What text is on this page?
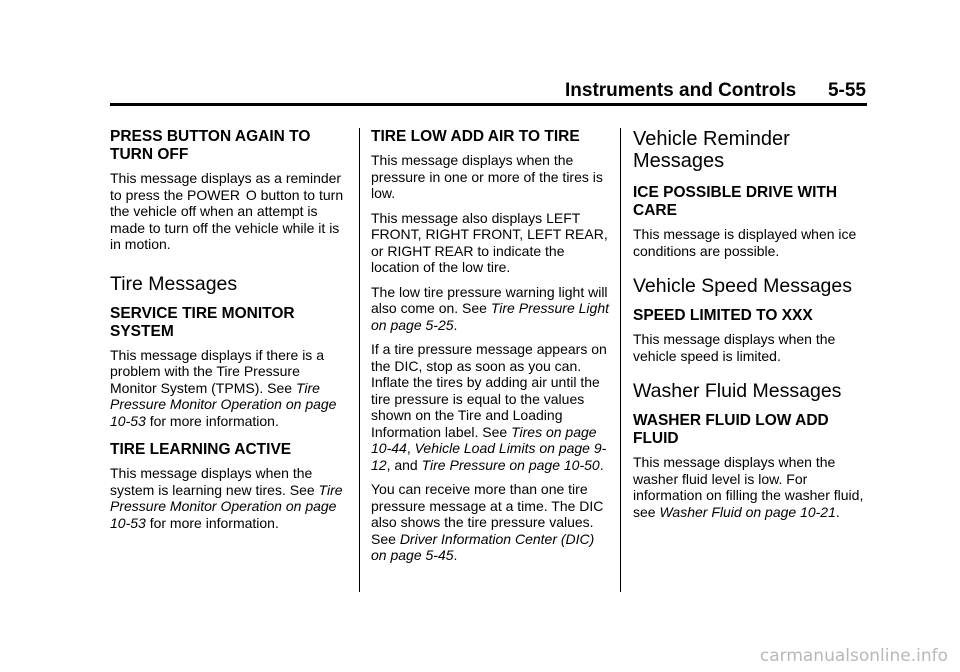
Instruments and Controls 5-55
PRESS BUTTON AGAIN TO TURN OFF

This message displays as a reminder to press the POWER O button to turn the vehicle off when an attempt is made to turn off the vehicle while it is in motion.

Tire Messages
SERVICE TIRE MONITOR SYSTEM

This message displays if there is a problem with the Tire Pressure Monitor System (TPMS). See Tire Pressure Monitor Operation on page 10-53 for more information.

TIRE LEARNING ACTIVE

This message displays when the system is learning new tires. See Tire Pressure Monitor Operation on page 10-53 for more information.

TIRE LOW ADD AIR TO TIRE

This message displays when the pressure in one or more of the tires is low.

This message also displays LEFT FRONT, RIGHT FRONT, LEFT REAR, or RIGHT REAR to indicate the location of the low tire.

The low tire pressure warning light will also come on. See Tire Pressure Light on page 5-25.

If a tire pressure message appears on the DIC, stop as soon as you can. Inflate the tires by adding air until the tire pressure is equal to the values shown on the Tire and Loading Information label. See Tires on page 10-44, Vehicle Load Limits on page 9-12, and Tire Pressure on page 10-50.

You can receive more than one tire pressure message at a time. The DIC also shows the tire pressure values. See Driver Information Center (DIC) on page 5-45.

Vehicle Reminder Messages
ICE POSSIBLE DRIVE WITH CARE

This message is displayed when ice conditions are possible.

Vehicle Speed Messages
SPEED LIMITED TO XXX

This message displays when the vehicle speed is limited.

Washer Fluid Messages
WASHER FLUID LOW ADD FLUID

This message displays when the washer fluid level is low. For information on filling the washer fluid, see Washer Fluid on page 10-21.

carmanualsonline.info
